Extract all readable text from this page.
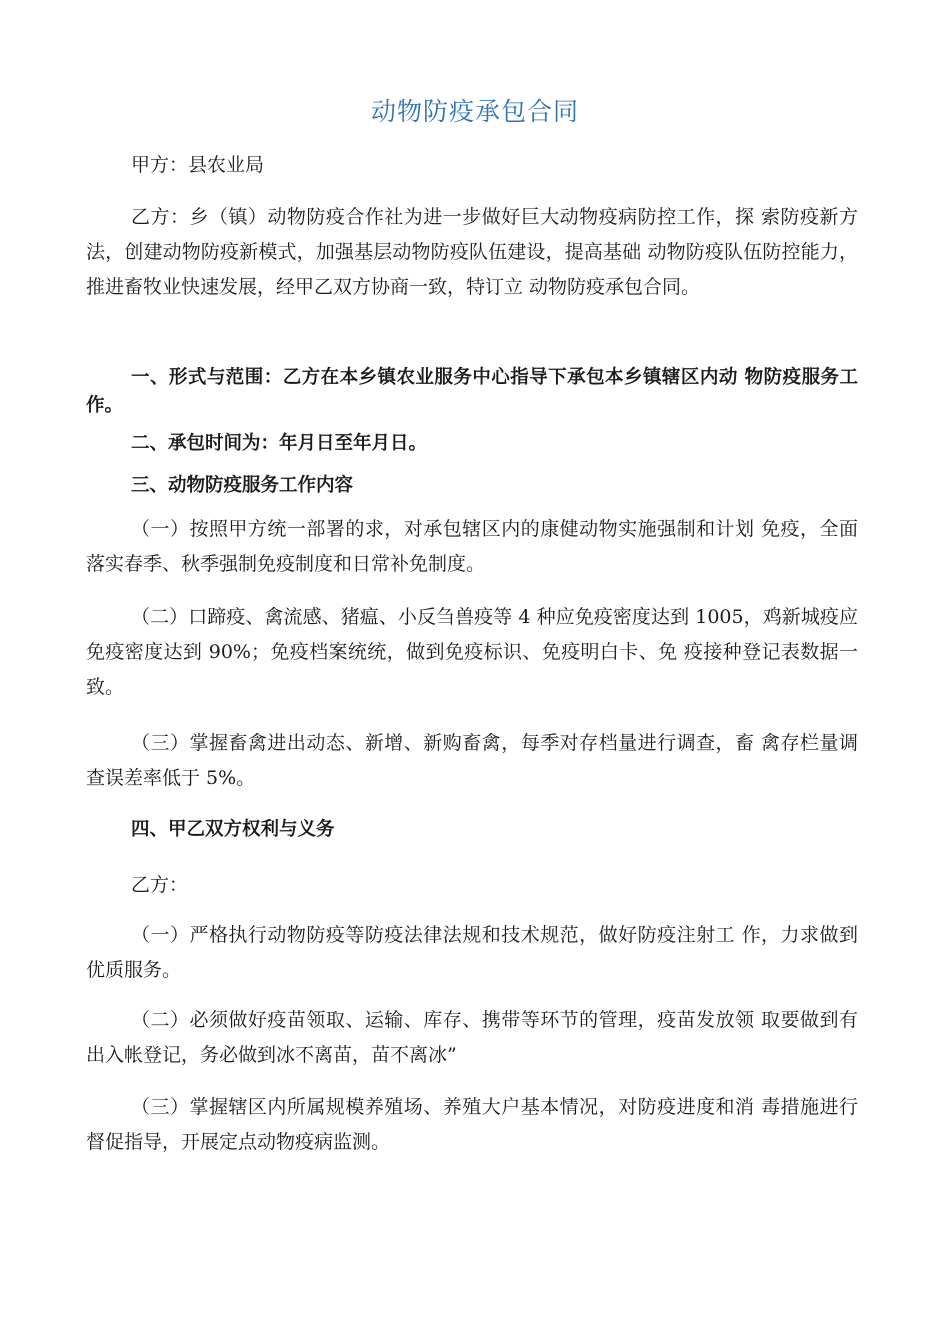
动物防疫承包合同

甲方：县农业局

乙方：乡（镇）动物防疫合作社为进一步做好巨大动物疫病防控工作，探 索防疫新方法，创建动物防疫新模式，加强基层动物防疫队伍建设，提高基础 动物防疫队伍防控能力，推进畜牧业快速发展，经甲乙双方协商一致，特订立 动物防疫承包合同。

一、形式与范围：乙方在本乡镇农业服务中心指导下承包本乡镇辖区内动 物防疫服务工作。

二、承包时间为：年月日至年月日。

三、动物防疫服务工作内容

（一）按照甲方统一部署的求，对承包辖区内的康健动物实施强制和计划 免疫，全面落实春季、秋季强制免疫制度和日常补免制度。

（二）口蹄疫、禽流感、猪瘟、小反刍兽疫等 4 种应免疫密度达到 1005，鸡新城疫应免疫密度达到 90%；免疫档案统统，做到免疫标识、免疫明白卡、免 疫接种登记表数据一致。

（三）掌握畜禽进出动态、新增、新购畜禽，每季对存档量进行调查，畜 禽存栏量调查误差率低于 5%。

四、甲乙双方权利与义务

乙方：

（一）严格执行动物防疫等防疫法律法规和技术规范，做好防疫注射工 作，力求做到优质服务。

（二）必须做好疫苗领取、运输、库存、携带等环节的管理，疫苗发放领 取要做到有出入帐登记，务必做到冰不离苗，苗不离冰”

（三）掌握辖区内所属规模养殖场、养殖大户基本情况，对防疫进度和消 毒措施进行督促指导，开展定点动物疫病监测。
